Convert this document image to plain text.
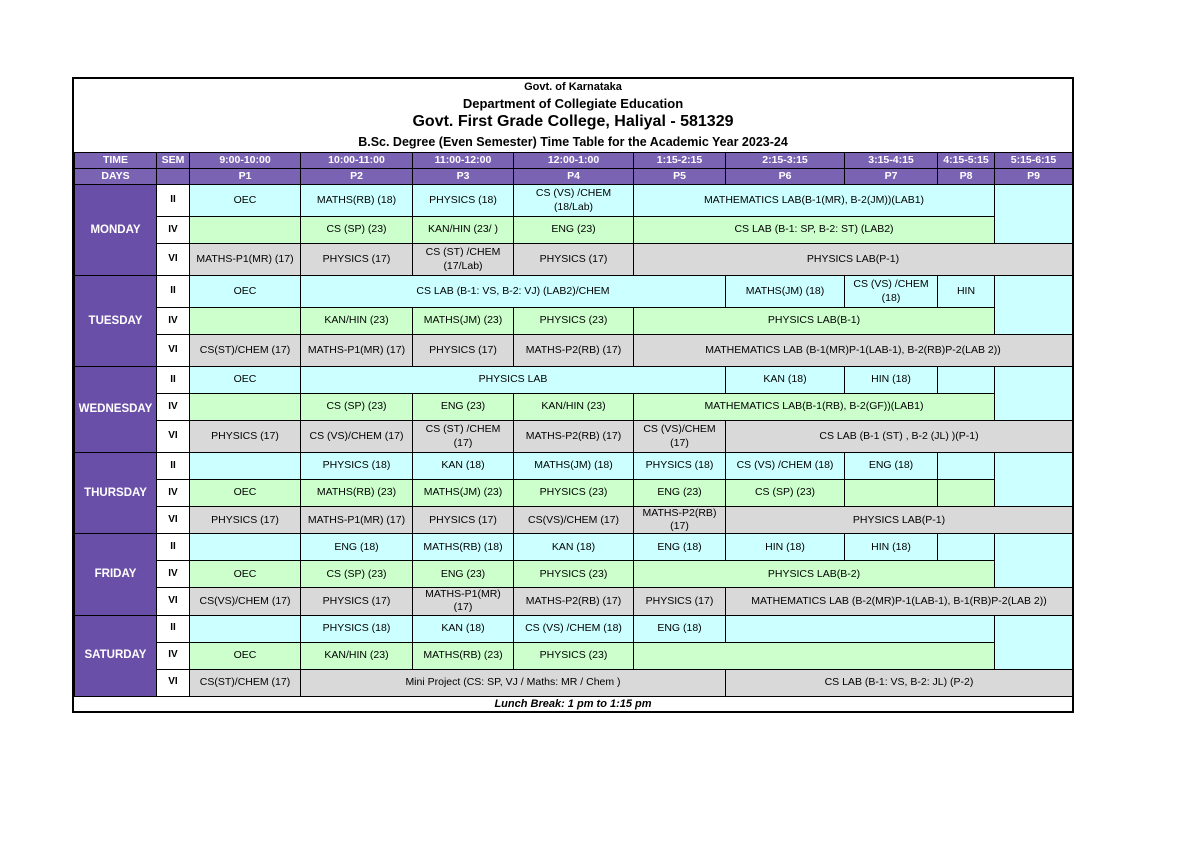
Govt. of Karnataka
Department of Collegiate Education
Govt. First Grade College, Haliyal - 581329
B.Sc. Degree (Even Semester) Time Table for the Academic Year 2023-24
TIME	SEM	9:00-10:00	10:00-11:00	11:00-12:00	12:00-1:00	1:15-2:15	2:15-3:15	3:15-4:15	4:15-5:15	5:15-6:15
DAYS		P1	P2	P3	P4	P5	P6	P7	P8	P9
MONDAY	II	OEC	MATHS(RB) (18)	PHYSICS (18)	CS (VS) /CHEM (18/Lab)	MATHEMATICS LAB(B-1(MR), B-2(JM))(LAB1)				
	IV		CS (SP) (23)	KAN/HIN (23/ )	ENG (23)	CS LAB (B-1: SP, B-2: ST) (LAB2)				
	VI	MATHS-P1(MR) (17)	PHYSICS (17)	CS (ST) /CHEM (17/Lab)	PHYSICS (17)	PHYSICS LAB(P-1)				
TUESDAY	II	OEC	CS LAB (B-1: VS, B-2: VJ) (LAB2)/CHEM				MATHS(JM) (18)	CS (VS) /CHEM (18)	HIN	
	IV		KAN/HIN (23)	MATHS(JM) (23)	PHYSICS (23)	PHYSICS LAB(B-1)				
	VI	CS(ST)/CHEM (17)	MATHS-P1(MR) (17)	PHYSICS (17)	MATHS-P2(RB) (17)	MATHEMATICS LAB (B-1(MR)P-1(LAB-1), B-2(RB)P-2(LAB 2))				
WEDNESDAY	II	OEC	PHYSICS LAB				KAN (18)	HIN (18)		
	IV		CS (SP) (23)	ENG (23)	KAN/HIN (23)	MATHEMATICS LAB(B-1(RB), B-2(GF))(LAB1)				
	VI	PHYSICS (17)	CS (VS)/CHEM (17)	CS (ST) /CHEM (17)	MATHS-P2(RB) (17)	CS (VS)/CHEM (17)	CS LAB (B-1 (ST) , B-2 (JL) )(P-1)			
THURSDAY	II		PHYSICS (18)	KAN (18)	MATHS(JM) (18)	PHYSICS (18)	CS (VS) /CHEM (18)	ENG (18)		
	IV	OEC	MATHS(RB) (23)	MATHS(JM) (23)	PHYSICS (23)	ENG (23)	CS (SP) (23)			
	VI	PHYSICS (17)	MATHS-P1(MR) (17)	PHYSICS (17)	CS(VS)/CHEM (17)	MATHS-P2(RB) (17)	PHYSICS LAB(P-1)			
FRIDAY	II		ENG (18)	MATHS(RB) (18)	KAN (18)	ENG (18)	HIN (18)	HIN (18)		
	IV	OEC	CS (SP) (23)	ENG (23)	PHYSICS (23)	PHYSICS LAB(B-2)				
	VI	CS(VS)/CHEM (17)	PHYSICS (17)	MATHS-P1(MR) (17)	MATHS-P2(RB) (17)	PHYSICS (17)	MATHEMATICS LAB (B-2(MR)P-1(LAB-1), B-1(RB)P-2(LAB 2))			
SATURDAY	II		PHYSICS (18)	KAN (18)	CS (VS) /CHEM (18)	ENG (18)				
	IV	OEC	KAN/HIN (23)	MATHS(RB) (23)	PHYSICS (23)					
	VI	CS(ST)/CHEM (17)	Mini Project (CS: SP, VJ / Maths: MR / Chem )				CS LAB (B-1: VS, B-2: JL) (P-2)			
Lunch Break: 1 pm to 1:15 pm
